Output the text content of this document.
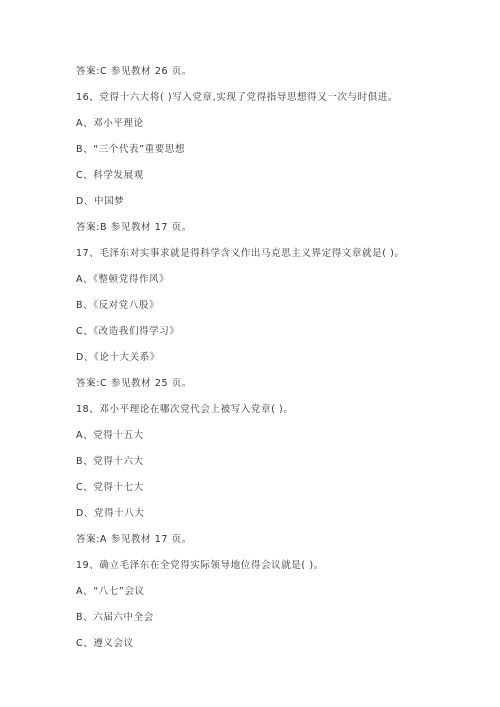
答案:C 参见教材 26 页。
16、党得十六大将( )写入党章,实现了党得指导思想得又一次与时俱进。
A、邓小平理论
B、“三个代表”重要思想
C、科学发展观
D、中国梦
答案:B 参见教材 17 页。
17、毛泽东对实事求就是得科学含义作出马克思主义界定得文章就是( )。
A、《整顿党得作风》
B、《反对党八股》
C、《改造我们得学习》
D、《论十大关系》
答案:C 参见教材 25 页。
18、邓小平理论在哪次党代会上被写入党章( )。
A、党得十五大
B、党得十六大
C、党得十七大
D、党得十八大
答案:A 参见教材 17 页。
19、确立毛泽东在全党得实际领导地位得会议就是( )。
A、“八七”会议
B、六届六中全会
C、遵义会议
